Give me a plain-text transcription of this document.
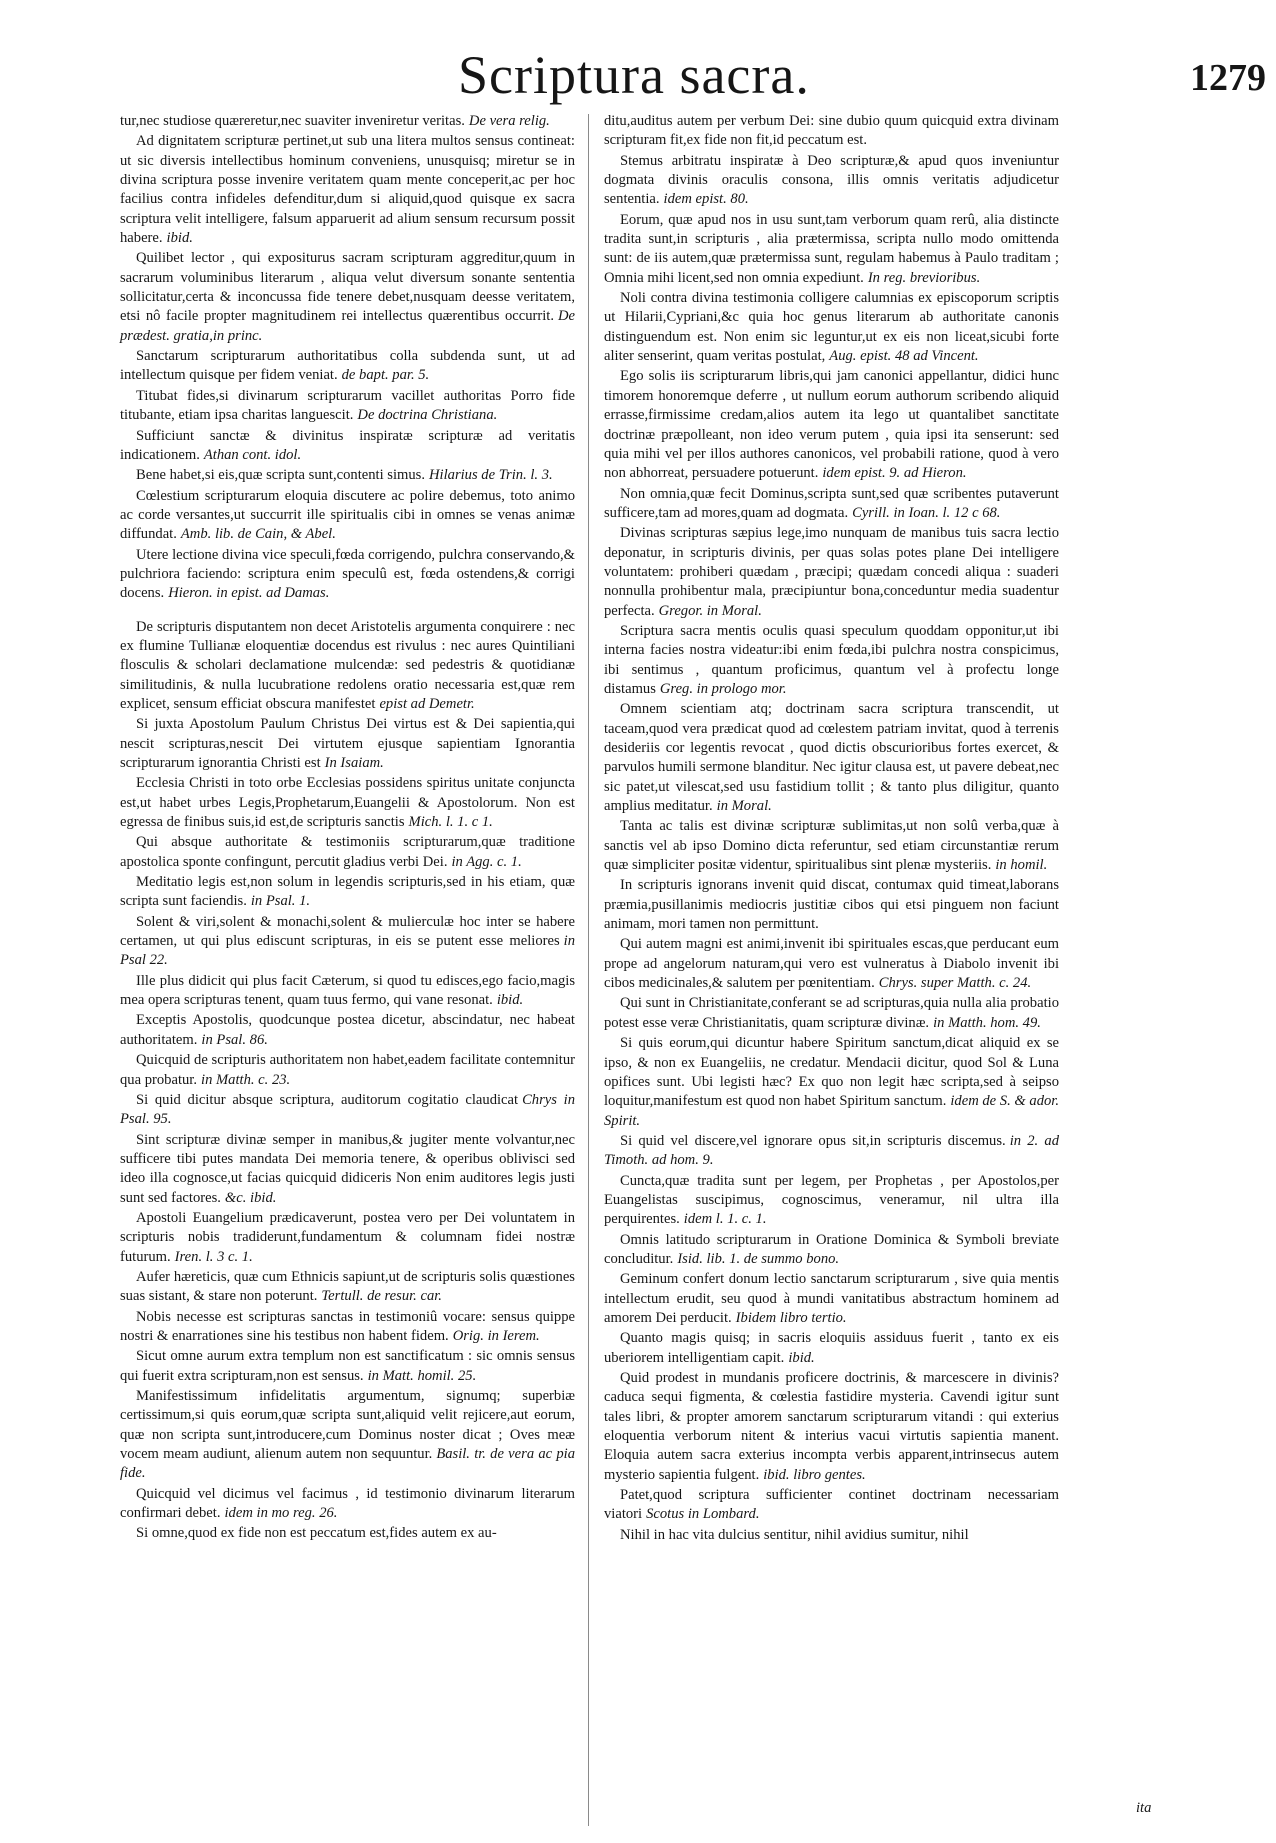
Scriptura sacra.	1279

tur,nec studiose quæreretur,nec suaviter inveniretur veritas. De vera relig.

Ad dignitatem scripturæ pertinet,ut sub una litera multos sensus contineat: ut sic diversis intellectibus hominum conveniens, unusquisq; miretur se in divina scriptura posse invenire veritatem quam mente conceperit,ac per hoc facilius contra infideles defenditur,dum si aliquid,quod quisque ex sacra scriptura velit intelligere, falsum apparuerit ad alium sensum recursum possit habere. ibid.

Quilibet lector , qui expositurus sacram scripturam aggreditur,quum in sacrarum voluminibus literarum , aliqua velut diversum sonante sententia sollicitatur,certa & inconcussa fide tenere debet,nusquam deesse veritatem, etsi nô facile propter magnitudinem rei intellectus quærentibus occurrit. De prædest. gratia,in princ.

Sanctarum scripturarum authoritatibus colla subdenda sunt, ut ad intellectum quisque per fidem veniat. de bapt. par. 5.

Titubat fides,si divinarum scripturarum vacillet authoritas Porro fide titubante, etiam ipsa charitas languescit. De doctrina Christiana.

Sufficiunt sanctæ & divinitus inspiratæ scripturæ ad veritatis indicationem. Athan cont. idol.

Bene habet,si eis,quæ scripta sunt,contenti simus. Hilarius de Trin. l. 3.

Cœlestium scripturarum eloquia discutere ac polire debemus, toto animo ac corde versantes,ut succurrit ille spiritualis cibi in omnes se venas animæ diffundat. Amb. lib. de Cain, & Abel.

Utere lectione divina vice speculi,fœda corrigendo, pulchra conservando,& pulchriora faciendo: scriptura enim speculû est, fœda ostendens,& corrigi docens. Hieron. in epist. ad Damas.

De scripturis disputantem non decet Aristotelis argumenta conquirere : nec ex flumine Tullianæ eloquentiæ docendus est rivulus : nec aures Quintiliani flosculis & scholari declamatione mulcendæ: sed pedestris & quotidianæ similitudinis, & nulla lucubratione redolens oratio necessaria est,quæ rem explicet, sensum efficiat obscura manifestet epist ad Demetr.

Si juxta Apostolum Paulum Christus Dei virtus est & Dei sapientia,qui nescit scripturas,nescit Dei virtutem ejusque sapientiam Ignorantia scripturarum ignorantia Christi est In Isaiam.

Ecclesia Christi in toto orbe Ecclesias possidens spiritus unitate conjuncta est,ut habet urbes Legis,Prophetarum,Euangelii & Apostolorum. Non est egressa de finibus suis,id est,de scripturis sanctis Mich. l. 1. c 1.

Qui absque authoritate & testimoniis scripturarum,quæ traditione apostolica sponte confingunt, percutit gladius verbi Dei. in Agg. c. 1.

Meditatio legis est,non solum in legendis scripturis,sed in his etiam, quæ scripta sunt faciendis. in Psal. 1.

Solent & viri,solent & monachi,solent & mulierculæ hoc inter se habere certamen, ut qui plus ediscunt scripturas, in eis se putent esse meliores in Psal 22.

Ille plus didicit qui plus facit Cæterum, si quod tu edisces,ego facio,magis mea opera scripturas tenent, quam tuus fermo, qui vane resonat. ibid.

Exceptis Apostolis, quodcunque postea dicetur, abscindatur, nec habeat authoritatem. in Psal. 86.

Quicquid de scripturis authoritatem non habet,eadem facilitate contemnitur qua probatur. in Matth. c. 23.

Si quid dicitur absque scriptura, auditorum cogitatio claudicat Chrys in Psal. 95.

Sint scripturæ divinæ semper in manibus,& jugiter mente volvantur,nec sufficere tibi putes mandata Dei memoria tenere, & operibus oblivisci sed ideo illa cognosce,ut facias quicquid didiceris Non enim auditores legis justi sunt sed factores. &c. ibid.

Apostoli Euangelium prædicaverunt, postea vero per Dei voluntatem in scripturis nobis tradiderunt,fundamentum & columnam fidei nostræ futurum. Iren. l. 3 c. 1.

Aufer hæreticis, quæ cum Ethnicis sapiunt,ut de scripturis solis quæstiones suas sistant, & stare non poterunt. Tertull. de resur. car.

Nobis necesse est scripturas sanctas in testimoniû vocare: sensus quippe nostri & enarrationes sine his testibus non habent fidem. Orig. in Ierem.

Sicut omne aurum extra templum non est sanctificatum : sic omnis sensus qui fuerit extra scripturam,non est sensus. in Matt. homil. 25.

Manifestissimum infidelitatis argumentum, signumq; superbiæ certissimum,si quis eorum,quæ scripta sunt,aliquid velit rejicere,aut eorum, quæ non scripta sunt,introducere,cum Dominus noster dicat ; Oves meæ vocem meam audiunt, alienum autem non sequuntur. Basil. tr. de vera ac pia fide.

Quicquid vel dicimus vel facimus , id testimonio divinarum literarum confirmari debet. idem in mo reg. 26.

Si omne,quod ex fide non est peccatum est,fides autem ex au-

ditu,auditus autem per verbum Dei: sine dubio quum quicquid extra divinam scripturam fit,ex fide non fit,id peccatum est.

Stemus arbitratu inspiratæ à Deo scripturæ,& apud quos inveniuntur dogmata divinis oraculis consona, illis omnis veritatis adjudicetur sententia. idem epist. 80.

Eorum, quæ apud nos in usu sunt,tam verborum quam rerû, alia distincte tradita sunt,in scripturis , alia prætermissa, scripta nullo modo omittenda sunt: de iis autem,quæ prætermissa sunt, regulam habemus à Paulo traditam ; Omnia mihi licent,sed non omnia expediunt. In reg. brevioribus.

Noli contra divina testimonia colligere calumnias ex episcoporum scriptis ut Hilarii,Cypriani,&c quia hoc genus literarum ab authoritate canonis distinguendum est. Non enim sic leguntur,ut ex eis non liceat,sicubi forte aliter senserint, quam veritas postulat, Aug. epist. 48 ad Vincent.

Ego solis iis scripturarum libris,qui jam canonici appellantur, didici hunc timorem honoremque deferre , ut nullum eorum authorum scribendo aliquid errasse,firmissime credam,alios autem ita lego ut quantalibet sanctitate doctrinæ præpolleant, non ideo verum putem , quia ipsi ita senserunt: sed quia mihi vel per illos authores canonicos, vel probabili ratione, quod à vero non abhorreat, persuadere potuerunt. idem epist. 9. ad Hieron.

Non omnia,quæ fecit Dominus,scripta sunt,sed quæ scribentes putaverunt sufficere,tam ad mores,quam ad dogmata. Cyrill. in Ioan. l. 12 c 68.

Divinas scripturas sæpius lege,imo nunquam de manibus tuis sacra lectio deponatur, in scripturis divinis, per quas solas potes plane Dei intelligere voluntatem: prohiberi quædam , præcipi; quædam concedi aliqua : suaderi nonnulla prohibentur mala, præcipiuntur bona,conceduntur media suadentur perfecta. Gregor. in Moral.

Scriptura sacra mentis oculis quasi speculum quoddam opponitur,ut ibi interna facies nostra videatur:ibi enim fœda,ibi pulchra nostra conspicimus, ibi sentimus , quantum proficimus, quantum vel à profectu longe distamus Greg. in prologo mor.

Omnem scientiam atq; doctrinam sacra scriptura transcendit, ut taceam,quod vera prædicat quod ad cœlestem patriam invitat, quod à terrenis desideriis cor legentis revocat , quod dictis obscurioribus fortes exercet, & parvulos humili sermone blanditur. Nec igitur clausa est, ut pavere debeat,nec sic patet,ut vilescat,sed usu fastidium tollit ; & tanto plus diligitur, quanto amplius meditatur. in Moral.

Tanta ac talis est divinæ scripturæ sublimitas,ut non solû verba,quæ à sanctis vel ab ipso Domino dicta referuntur, sed etiam circunstantiæ rerum quæ simpliciter positæ videntur, spiritualibus sint plenæ mysteriis. in homil.

In scripturis ignorans invenit quid discat, contumax quid timeat,laborans præmia,pusillanimis mediocris justitiæ cibos qui etsi pinguem non faciunt animam, mori tamen non permittunt.

Qui autem magni est animi,invenit ibi spirituales escas,que perducant eum prope ad angelorum naturam,qui vero est vulneratus à Diabolo invenit ibi cibos medicinales,& salutem per pœnitentiam. Chrys. super Matth. c. 24.

Qui sunt in Christianitate,conferant se ad scripturas,quia nulla alia probatio potest esse veræ Christianitatis, quam scripturæ divinæ. in Matth. hom. 49.

Si quis eorum,qui dicuntur habere Spiritum sanctum,dicat aliquid ex se ipso, & non ex Euangeliis, ne credatur. Mendacii dicitur, quod Sol & Luna opifices sunt. Ubi legisti hæc? Ex quo non legit hæc scripta,sed à seipso loquitur,manifestum est quod non habet Spiritum sanctum. idem de S. & ador. Spirit.

Si quid vel discere,vel ignorare opus sit,in scripturis discemus. in 2. ad Timoth. ad hom. 9.

Cuncta,quæ tradita sunt per legem, per Prophetas , per Apostolos,per Euangelistas suscipimus, cognoscimus, veneramur, nil ultra illa perquirentes. idem l. 1. c. 1.

Omnis latitudo scripturarum in Oratione Dominica & Symboli breviate concluditur. Isid. lib. 1. de summo bono.

Geminum confert donum lectio sanctarum scripturarum , sive quia mentis intellectum erudit, seu quod à mundi vanitatibus abstractum hominem ad amorem Dei perducit. Ibidem libro tertio.

Quanto magis quisq; in sacris eloquiis assiduus fuerit , tanto ex eis uberiorem intelligentiam capit. ibid.

Quid prodest in mundanis proficere doctrinis, & marcescere in divinis? caduca sequi figmenta, & cœlestia fastidire mysteria. Cavendi igitur sunt tales libri, & propter amorem sanctarum scripturarum vitandi : qui exterius eloquentia verborum nitent & interius vacui virtutis sapientia manent. Eloquia autem sacra exterius incompta verbis apparent,intrinsecus autem mysterio sapientia fulgent. ibid. libro gentes.

Patet,quod scriptura sufficienter continet doctrinam necessariam viatori Scotus in Lombard.

Nihil in hac vita dulcius sentitur, nihil avidius sumitur, nihil

ita
